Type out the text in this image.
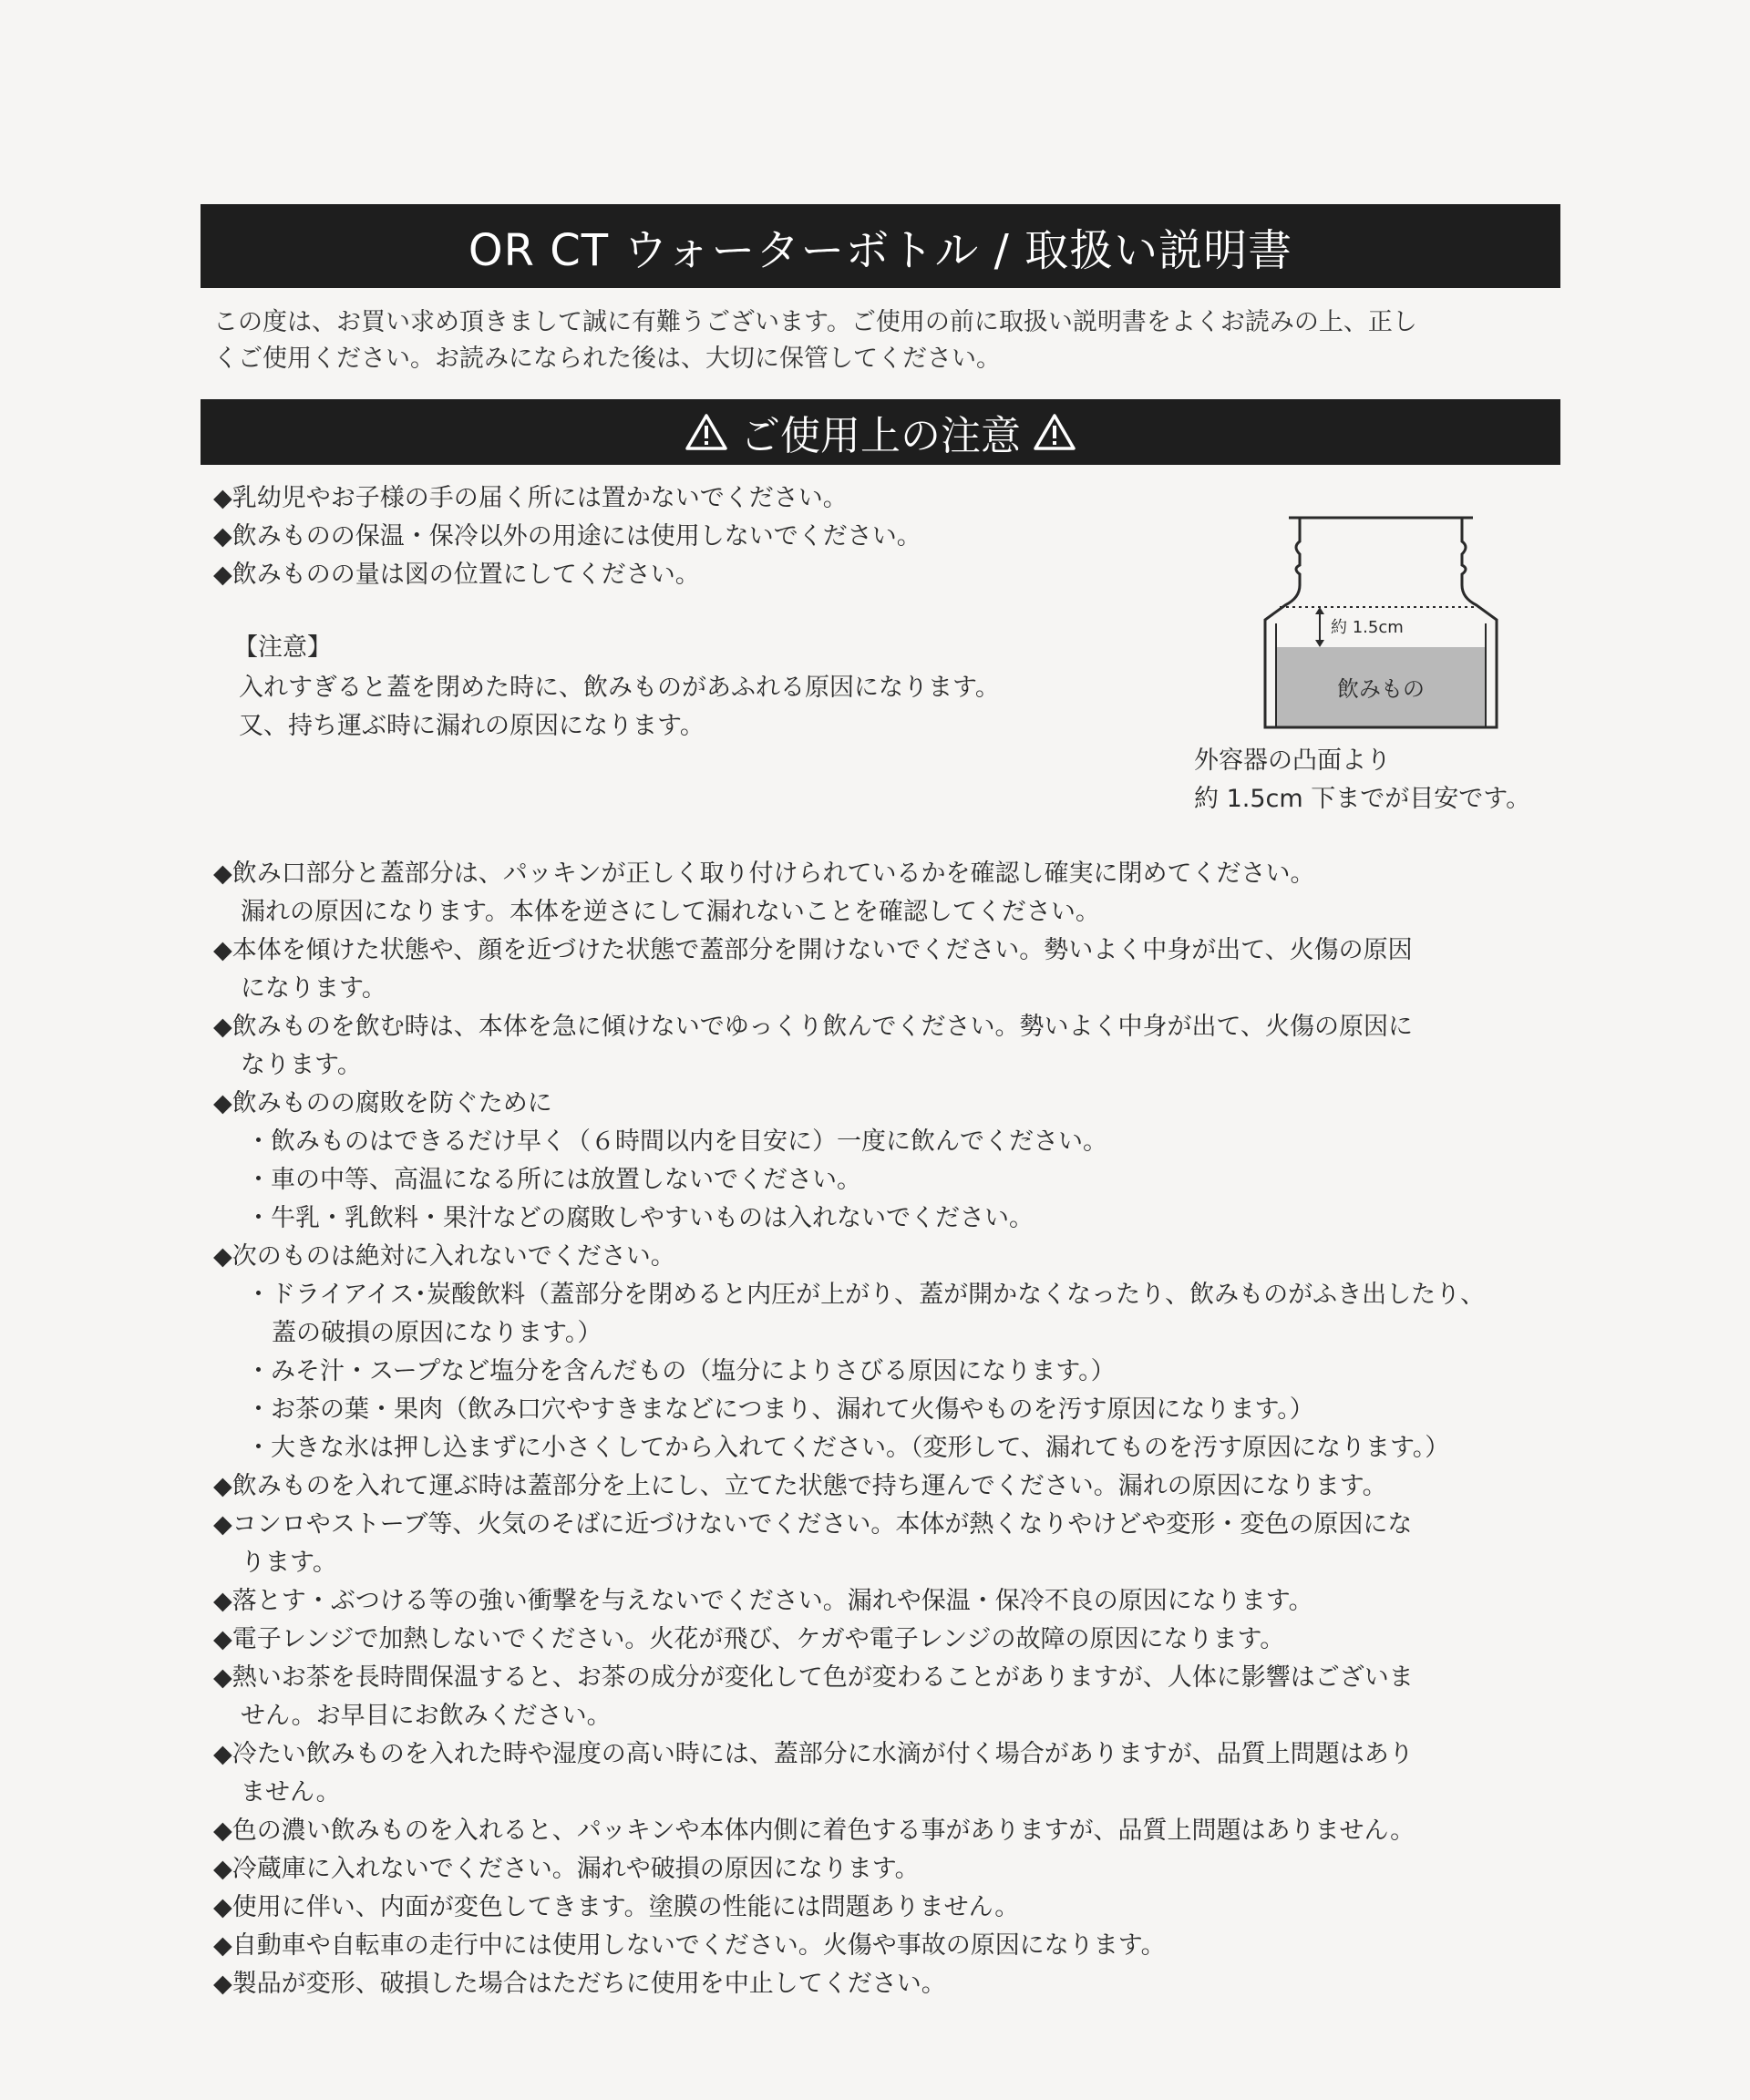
OR CT ウォーターボトル / 取扱い説明書

この度は、お買い求め頂きまして誠に有難うございます。ご使用の前に取扱い説明書をよくお読みの上、正し

くご使用ください。お読みになられた後は、大切に保管してください。

ご使用上の注意
◆乳幼児やお子様の手の届く所には置かないでください。
◆飲みものの保温・保冷以外の用途には使用しないでください。
◆飲みものの量は図の位置にしてください。
【注意】
入れすぎると蓋を閉めた時に、飲みものがあふれる原因になります。
又、持ち運ぶ時に漏れの原因になります。
約 1.5cm
飲みもの
外容器の凸面より
約 1.5cm 下までが目安です。
◆飲み口部分と蓋部分は、パッキンが正しく取り付けられているかを確認し確実に閉めてください。
漏れの原因になります。本体を逆さにして漏れないことを確認してください。
◆本体を傾けた状態や、顔を近づけた状態で蓋部分を開けないでください。勢いよく中身が出て、火傷の原因
になります。
◆飲みものを飲む時は、本体を急に傾けないでゆっくり飲んでください。勢いよく中身が出て、火傷の原因に
なります。
◆飲みものの腐敗を防ぐために
・飲みものはできるだけ早く（６時間以内を目安に）一度に飲んでください。
・車の中等、高温になる所には放置しないでください。
・牛乳・乳飲料・果汁などの腐敗しやすいものは入れないでください。
◆次のものは絶対に入れないでください。
・ドライアイス･炭酸飲料（蓋部分を閉めると内圧が上がり、蓋が開かなくなったり、飲みものがふき出したり、
蓋の破損の原因になります。）
・みそ汁・スープなど塩分を含んだもの（塩分によりさびる原因になります。）
・お茶の葉・果肉（飲み口穴やすきまなどにつまり、漏れて火傷やものを汚す原因になります。）
・大きな氷は押し込まずに小さくしてから入れてください。（変形して、漏れてものを汚す原因になります。）
◆飲みものを入れて運ぶ時は蓋部分を上にし、立てた状態で持ち運んでください。漏れの原因になります。
◆コンロやストーブ等、火気のそばに近づけないでください。本体が熱くなりやけどや変形・変色の原因にな
ります。
◆落とす・ぶつける等の強い衝撃を与えないでください。漏れや保温・保冷不良の原因になります。
◆電子レンジで加熱しないでください。火花が飛び、ケガや電子レンジの故障の原因になります。
◆熱いお茶を長時間保温すると、お茶の成分が変化して色が変わることがありますが、人体に影響はございま
せん。お早目にお飲みください。
◆冷たい飲みものを入れた時や湿度の高い時には、蓋部分に水滴が付く場合がありますが、品質上問題はあり
ません。
◆色の濃い飲みものを入れると、パッキンや本体内側に着色する事がありますが、品質上問題はありません。
◆冷蔵庫に入れないでください。漏れや破損の原因になります。
◆使用に伴い、内面が変色してきます。塗膜の性能には問題ありません。
◆自動車や自転車の走行中には使用しないでください。火傷や事故の原因になります。
◆製品が変形、破損した場合はただちに使用を中止してください。
